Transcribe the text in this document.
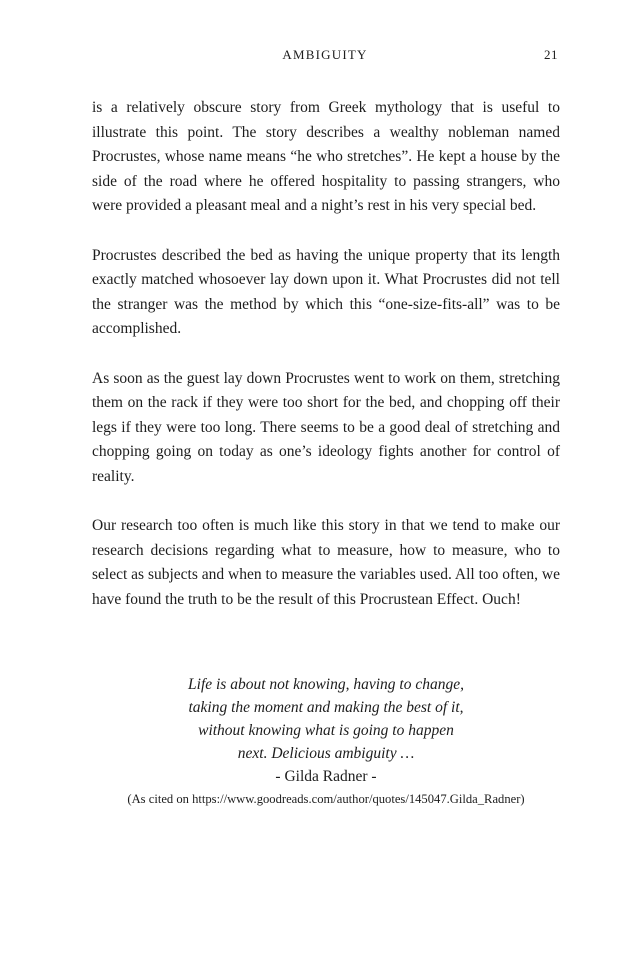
AMBIGUITY	21

is a relatively obscure story from Greek mythology that is useful to illustrate this point. The story describes a wealthy nobleman named Procrustes, whose name means “he who stretches”. He kept a house by the side of the road where he offered hospitality to passing strangers, who were provided a pleasant meal and a night’s rest in his very special bed.

Procrustes described the bed as having the unique property that its length exactly matched whosoever lay down upon it. What Procrustes did not tell the stranger was the method by which this “one-size-fits-all” was to be accomplished.

As soon as the guest lay down Procrustes went to work on them, stretching them on the rack if they were too short for the bed, and chopping off their legs if they were too long. There seems to be a good deal of stretching and chopping going on today as one’s ideology fights another for control of reality.

Our research too often is much like this story in that we tend to make our research decisions regarding what to measure, how to measure, who to select as subjects and when to measure the variables used. All too often, we have found the truth to be the result of this Procrustean Effect. Ouch!

Life is about not knowing, having to change,
taking the moment and making the best of it,
without knowing what is going to happen
next. Delicious ambiguity …
- Gilda Radner -
(As cited on https://www.goodreads.com/author/quotes/145047.Gilda_Radner)
